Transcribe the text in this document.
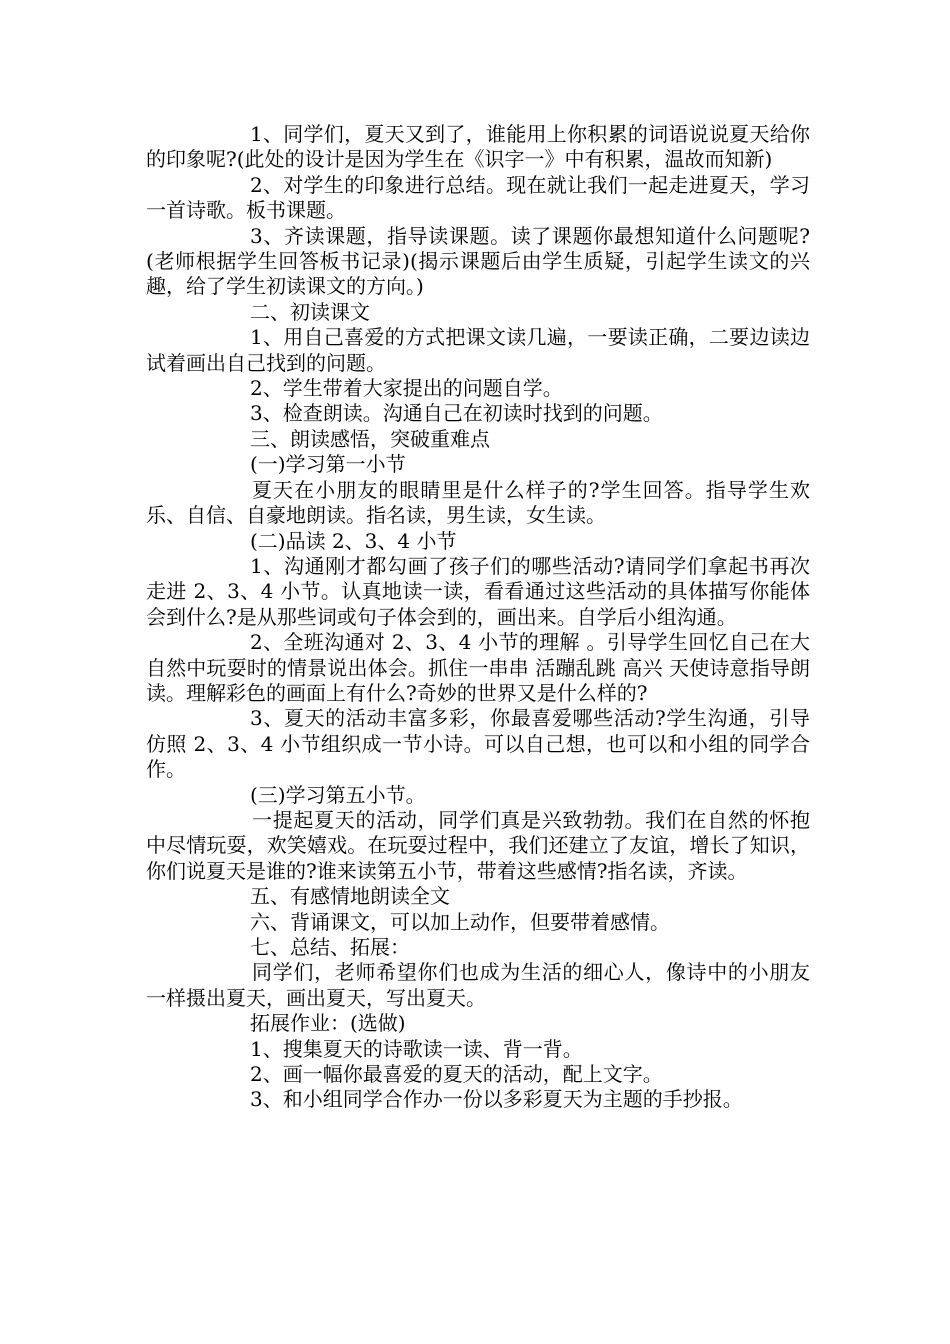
1、同学们，夏天又到了，谁能用上你积累的词语说说夏天给你的印象呢?(此处的设计是因为学生在《识字一》中有积累，温故而知新)

2、对学生的印象进行总结。现在就让我们一起走进夏天，学习一首诗歌。板书课题。

3、齐读课题，指导读课题。读了课题你最想知道什么问题呢?(老师根据学生回答板书记录)(揭示课题后由学生质疑，引起学生读文的兴趣，给了学生初读课文的方向。)

二、初读课文

1、用自己喜爱的方式把课文读几遍，一要读正确，二要边读边试着画出自己找到的问题。

2、学生带着大家提出的问题自学。

3、检查朗读。沟通自己在初读时找到的问题。

三、朗读感悟，突破重难点

(一)学习第一小节

夏天在小朋友的眼睛里是什么样子的?学生回答。指导学生欢乐、自信、自豪地朗读。指名读，男生读，女生读。

(二)品读 2、3、4 小节

1、沟通刚才都勾画了孩子们的哪些活动?请同学们拿起书再次走进 2、3、4 小节。认真地读一读，看看通过这些活动的具体描写你能体会到什么?是从那些词或句子体会到的，画出来。自学后小组沟通。

2、全班沟通对 2、3、4 小节的理解 。引导学生回忆自己在大自然中玩耍时的情景说出体会。抓住一串串 活蹦乱跳 高兴 天使诗意指导朗读。理解彩色的画面上有什么?奇妙的世界又是什么样的?

3、夏天的活动丰富多彩，你最喜爱哪些活动?学生沟通，引导仿照 2、3、4 小节组织成一节小诗。可以自己想，也可以和小组的同学合作。

(三)学习第五小节。

一提起夏天的活动，同学们真是兴致勃勃。我们在自然的怀抱中尽情玩耍，欢笑嬉戏。在玩耍过程中，我们还建立了友谊，增长了知识，你们说夏天是谁的?谁来读第五小节，带着这些感情?指名读，齐读。

五、有感情地朗读全文

六、背诵课文，可以加上动作，但要带着感情。

七、总结、拓展：

同学们，老师希望你们也成为生活的细心人，像诗中的小朋友一样摄出夏天，画出夏天，写出夏天。

拓展作业：(选做)

1、搜集夏天的诗歌读一读、背一背。

2、画一幅你最喜爱的夏天的活动，配上文字。

3、和小组同学合作办一份以多彩夏天为主题的手抄报。
